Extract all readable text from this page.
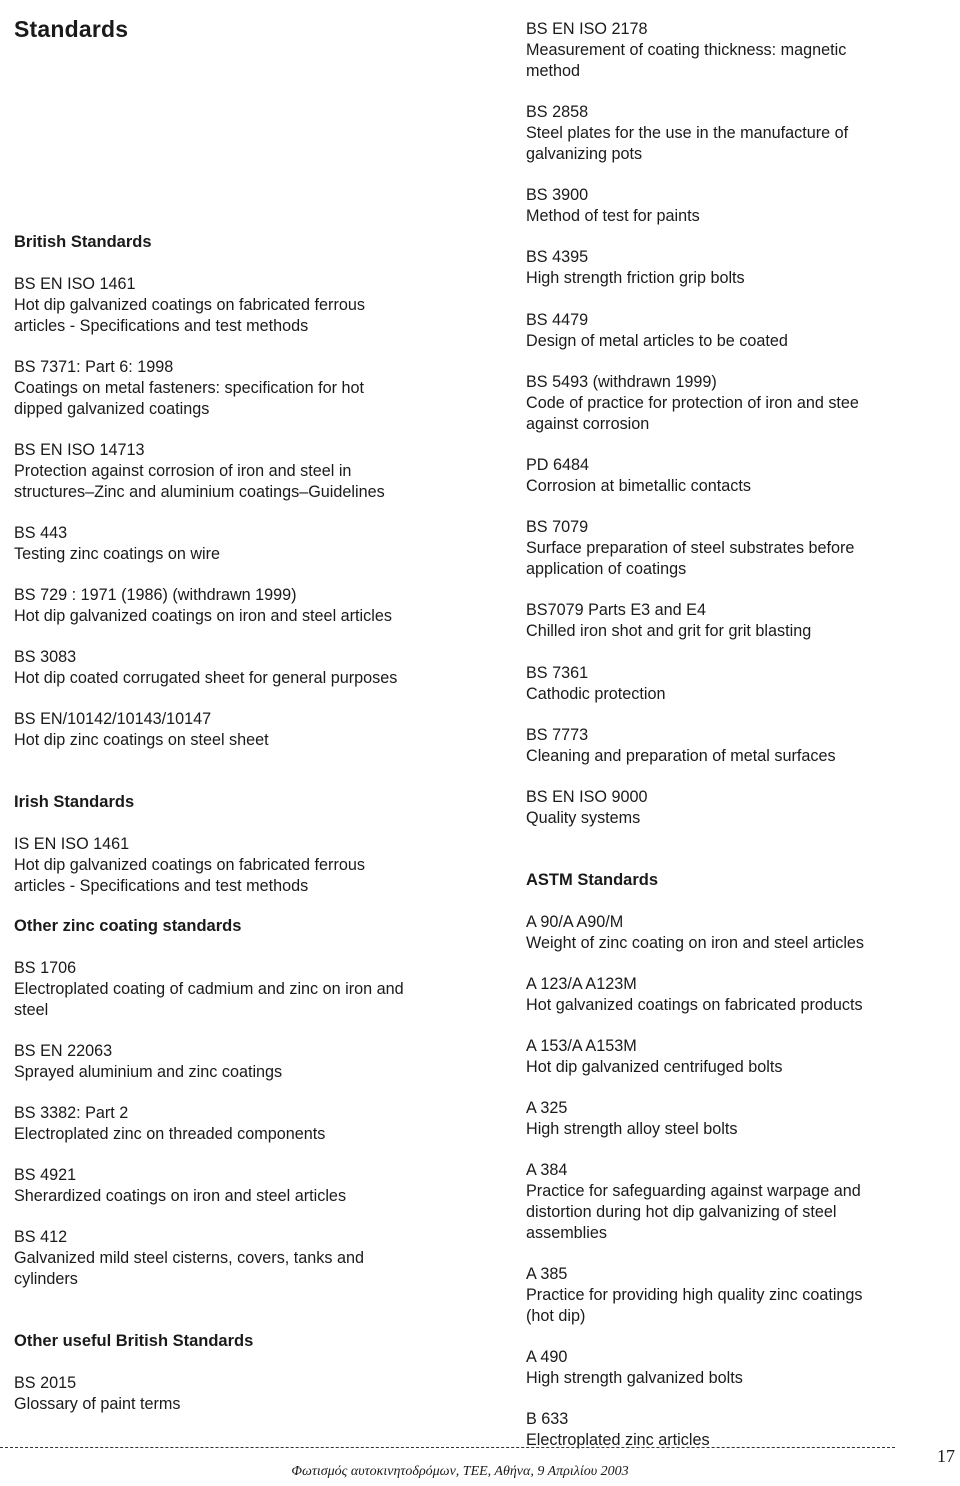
Standards
British Standards
BS EN ISO 1461
Hot dip galvanized coatings on fabricated ferrous
articles - Specifications and test methods
BS 7371: Part 6: 1998
Coatings on metal fasteners: specification for hot
dipped galvanized coatings
BS EN ISO 14713
Protection against corrosion of iron and steel in
structures–Zinc and aluminium coatings–Guidelines
BS 443
Testing zinc coatings on wire
BS 729 : 1971 (1986) (withdrawn 1999)
Hot dip galvanized coatings on iron and steel articles
BS 3083
Hot dip coated corrugated sheet for general purposes
BS EN/10142/10143/10147
Hot dip zinc coatings on steel sheet
Irish Standards
IS EN ISO 1461
Hot dip galvanized coatings on fabricated ferrous
articles - Specifications and test methods
Other zinc coating standards
BS 1706
Electroplated coating of cadmium and zinc on iron and
steel
BS EN 22063
Sprayed aluminium and zinc coatings
BS 3382: Part 2
Electroplated zinc on threaded components
BS 4921
Sherardized coatings on iron and steel articles
BS 412
Galvanized mild steel cisterns, covers, tanks and
cylinders
Other useful British Standards
BS 2015
Glossary of paint terms
BS EN ISO 2178
Measurement of coating thickness: magnetic
method
BS 2858
Steel plates for the use in the manufacture of
galvanizing pots
BS 3900
Method of test for paints
BS 4395
High strength friction grip bolts
BS 4479
Design of metal articles to be coated
BS 5493 (withdrawn 1999)
Code of practice for protection of iron and stee
against corrosion
PD 6484
Corrosion at bimetallic contacts
BS 7079
Surface preparation of steel substrates before
application of coatings
BS7079 Parts E3 and E4
Chilled iron shot and grit for grit blasting
BS 7361
Cathodic protection
BS 7773
Cleaning and preparation of metal surfaces
BS EN ISO 9000
Quality systems
ASTM Standards
A 90/A A90/M
Weight of zinc coating on iron and steel articles
A 123/A A123M
Hot galvanized coatings on fabricated products
A 153/A A153M
Hot dip galvanized centrifuged bolts
A 325
High strength alloy steel bolts
A 384
Practice for safeguarding against warpage and
distortion during hot dip galvanizing of steel
assemblies
A 385
Practice for providing high quality zinc coatings
(hot dip)
A 490
High strength galvanized bolts
B 633
Electroplated zinc articles
17
Φωτισμός αυτοκινητοδρόμων, ΤΕΕ, Αθήνα, 9 Απριλίου 2003
